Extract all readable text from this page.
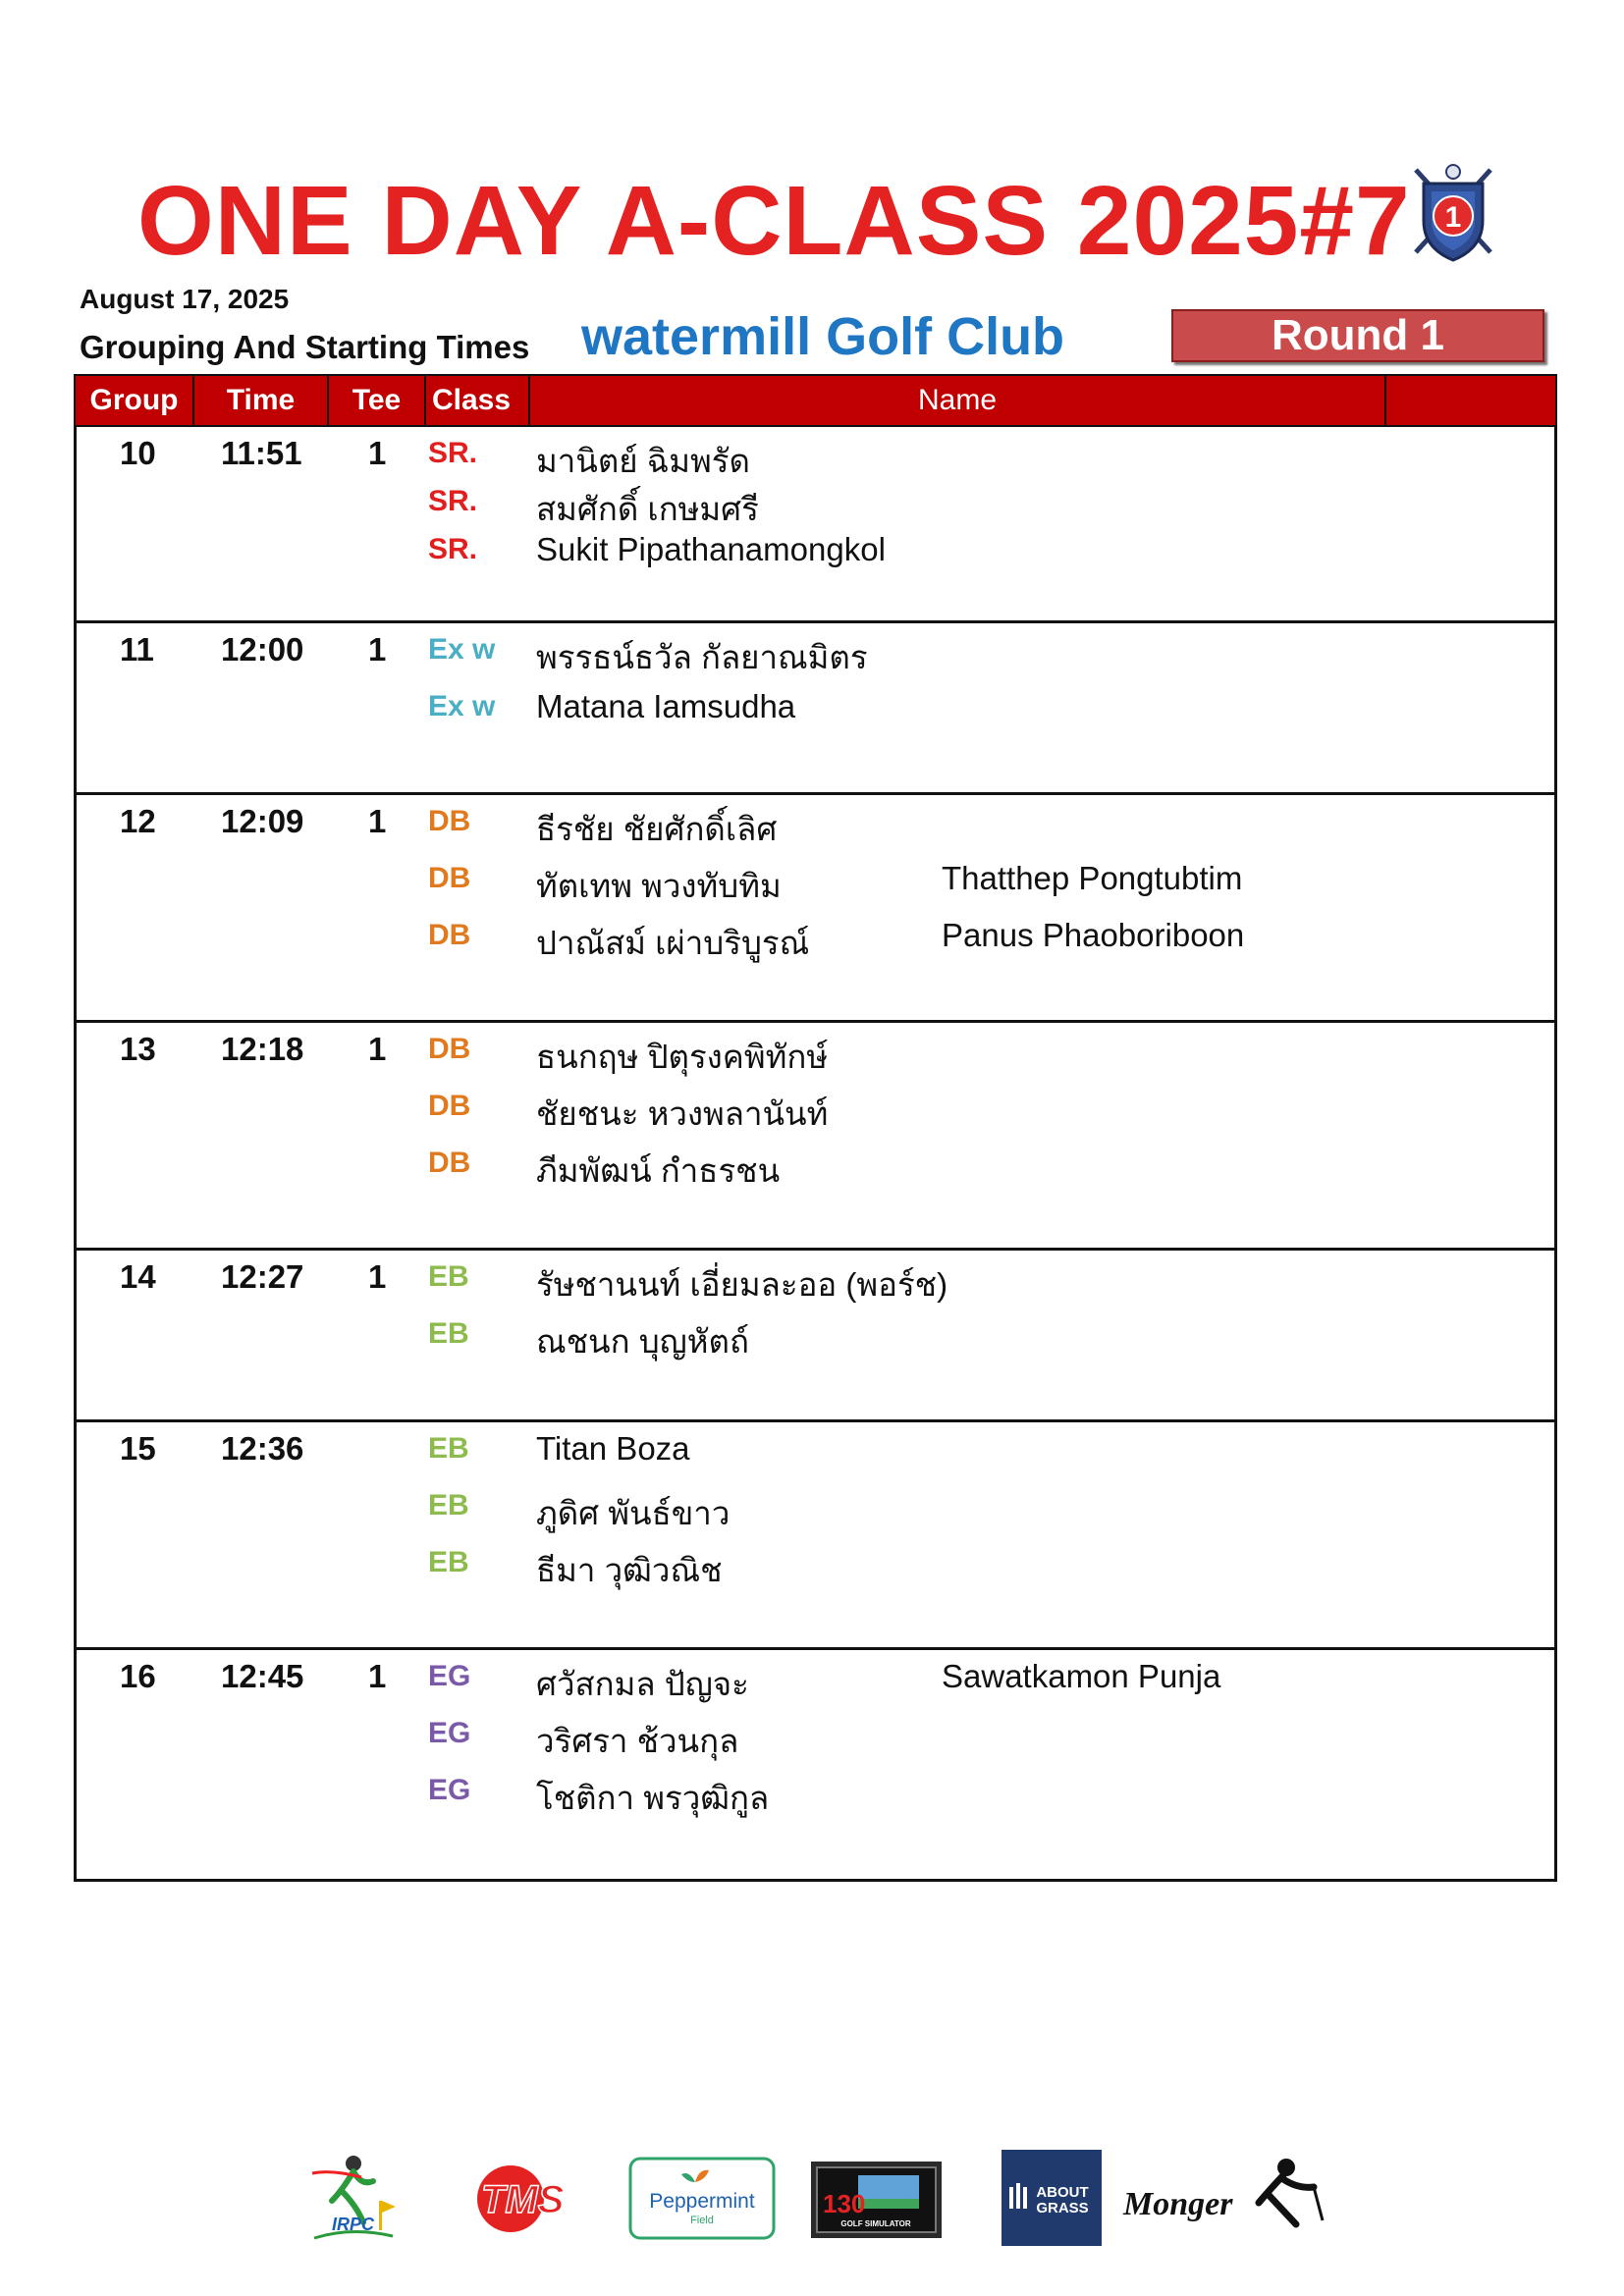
ONE DAY A-CLASS 2025#7 1
August 17, 2025
Grouping And Starting Times watermill Golf Club	Round 1
Group	Time	Tee	Class	Name
10 11:51 1 SR. มานิตย์ ฉิมพรัด
SR. สมศักดิ์ เกษมศรี
SR. Sukit Pipathanamongkol
11 12:00 1 Ex w พรรธน์ธวัล กัลยาณมิตร
Ex w Matana Iamsudha
12 12:09 1 DB ธีรชัย ชัยศักดิ์เลิศ
DB ทัตเทพ พวงทับทิม	Thatthep Pongtubtim
DB ปาณัสม์ เผ่าบริบูรณ์	Panus Phaoboriboon
13 12:18 1 DB ธนกฤษ ปิตุรงคพิทักษ์
DB ชัยชนะ หวงพลานันท์
DB ภีมพัฒน์ กำธรชน
14 12:27 1 EB รัษชานนท์ เอี่ยมละออ (พอร์ช)
EB ณชนก บุญหัตถ์
15 12:36	EB Titan Boza
EB ภูดิศ พันธ์ขาว
EB ธีมา วุฒิวณิช
16 12:45 1 EG ศวัสกมล ปัญจะ	Sawatkamon Punja
EG วริศรา ช้วนกุล
EG โชติกา พรวุฒิกูล
IRPC
TMS	Peppermint
Field
130
GOLF SIMULATOR
ABOUT
GRASS Monger
